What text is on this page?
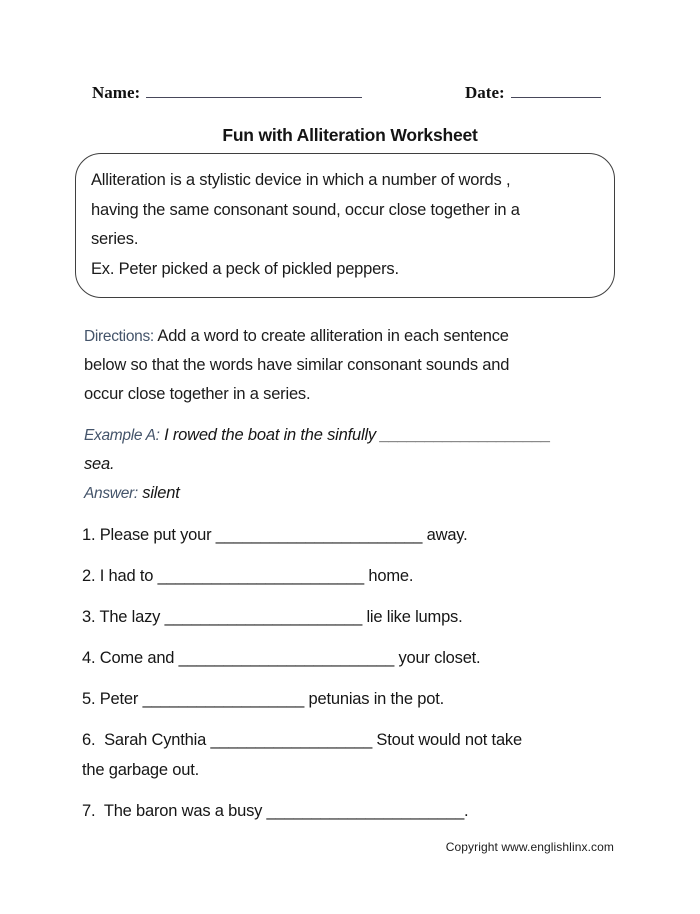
Name:	Date:
Fun with Alliteration Worksheet
Alliteration is a stylistic device in which a number of words ,
having the same consonant sound, occur close together in a
series.
Ex. Peter picked a peck of pickled peppers.
Directions: Add a word to create alliteration in each sentence
below so that the words have similar consonant sounds and
occur close together in a series.
Example A: I rowed the boat in the sinfully ___________________
sea.
Answer: silent
1. Please put your _______________________ away.
2. I had to _______________________ home.
3. The lazy ______________________ lie like lumps.
4. Come and ________________________ your closet.
5. Peter __________________ petunias in the pot.
6.  Sarah Cynthia __________________ Stout would not take
the garbage out.
7.  The baron was a busy ______________________.
Copyright www.englishlinx.com
